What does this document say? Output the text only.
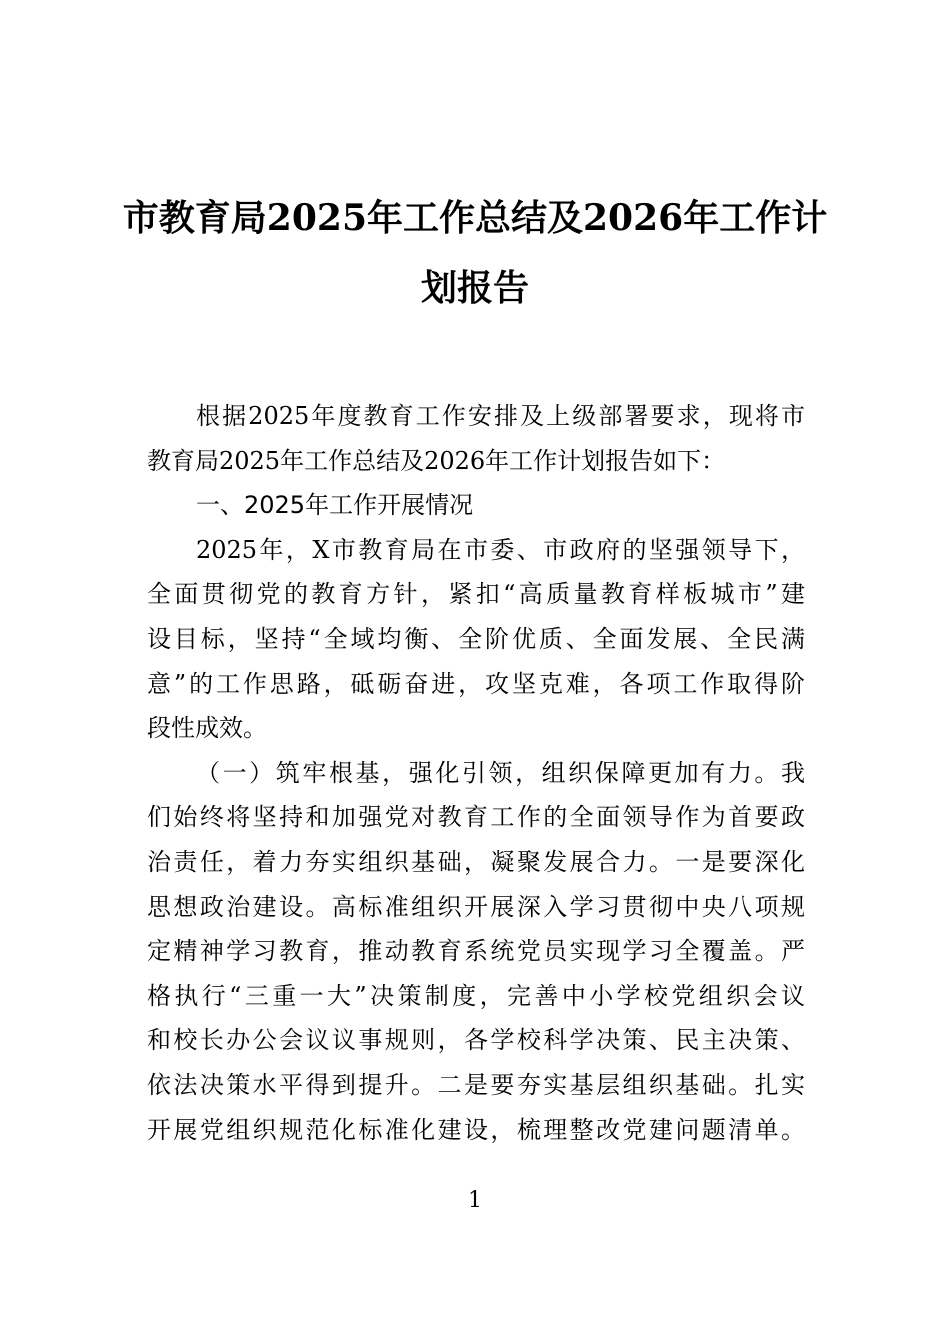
市教育局2025年工作总结及2026年工作计
划报告
根据2025年度教育工作安排及上级部署要求，现将市
教育局2025年工作总结及2026年工作计划报告如下：
一、2025年工作开展情况
2025年，X市教育局在市委、市政府的坚强领导下，
全面贯彻党的教育方针，紧扣“高质量教育样板城市”建
设目标，坚持“全域均衡、全阶优质、全面发展、全民满
意”的工作思路，砥砺奋进，攻坚克难，各项工作取得阶
段性成效。
（一）筑牢根基，强化引领，组织保障更加有力。我
们始终将坚持和加强党对教育工作的全面领导作为首要政
治责任，着力夯实组织基础，凝聚发展合力。一是要深化
思想政治建设。高标准组织开展深入学习贯彻中央八项规
定精神学习教育，推动教育系统党员实现学习全覆盖。严
格执行“三重一大”决策制度，完善中小学校党组织会议
和校长办公会议议事规则，各学校科学决策、民主决策、
依法决策水平得到提升。二是要夯实基层组织基础。扎实
开展党组织规范化标准化建设，梳理整改党建问题清单。
1
